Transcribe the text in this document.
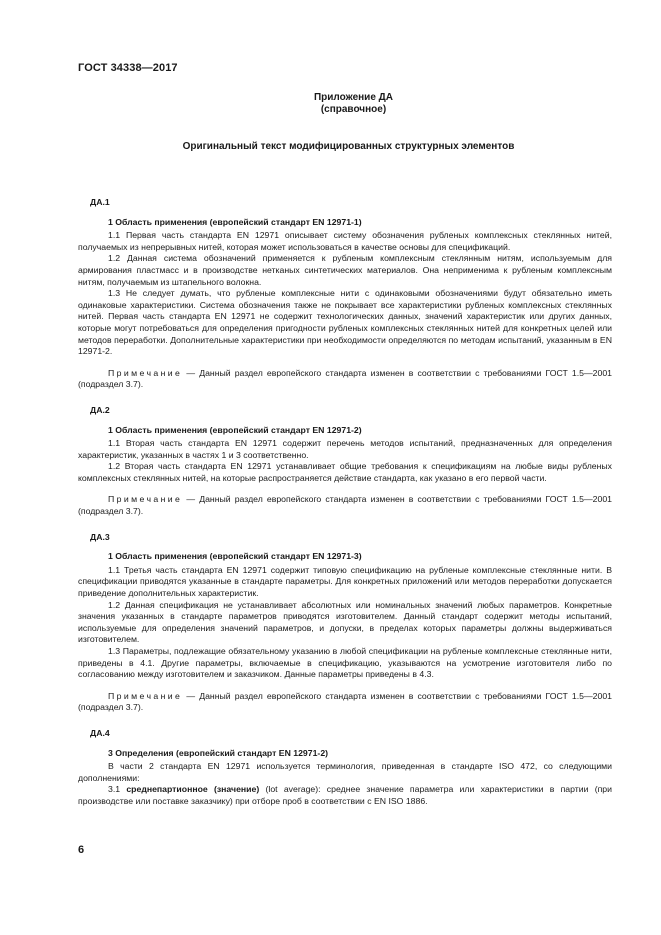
ГОСТ 34338—2017
Приложение ДА
(справочное)
Оригинальный текст модифицированных структурных элементов
ДА.1
1 Область применения (европейский стандарт EN 12971-1)
1.1 Первая часть стандарта EN 12971 описывает систему обозначения рубленых комплексных стеклянных нитей, получаемых из непрерывных нитей, которая может использоваться в качестве основы для спецификаций.
1.2 Данная система обозначений применяется к рубленым комплексным стеклянным нитям, используемым для армирования пластмасс и в производстве нетканых синтетических материалов. Она неприменима к рубленым комплексным нитям, получаемым из штапельного волокна.
1.3 Не следует думать, что рубленые комплексные нити с одинаковыми обозначениями будут обязательно иметь одинаковые характеристики. Система обозначения также не покрывает все характеристики рубленых комплексных стеклянных нитей. Первая часть стандарта EN 12971 не содержит технологических данных, значений характеристик или других данных, которые могут потребоваться для определения пригодности рубленых комплексных стеклянных нитей для конкретных целей или методов переработки. Дополнительные характеристики при необходимости определяются по методам испытаний, указанным в EN 12971-2.
Примечание — Данный раздел европейского стандарта изменен в соответствии с требованиями ГОСТ 1.5—2001 (подраздел 3.7).
ДА.2
1 Область применения (европейский стандарт EN 12971-2)
1.1 Вторая часть стандарта EN 12971 содержит перечень методов испытаний, предназначенных для определения характеристик, указанных в частях 1 и 3 соответственно.
1.2 Вторая часть стандарта EN 12971 устанавливает общие требования к спецификациям на любые виды рубленых комплексных стеклянных нитей, на которые распространяется действие стандарта, как указано в его первой части.
Примечание — Данный раздел европейского стандарта изменен в соответствии с требованиями ГОСТ 1.5—2001 (подраздел 3.7).
ДА.3
1 Область применения (европейский стандарт EN 12971-3)
1.1 Третья часть стандарта EN 12971 содержит типовую спецификацию на рубленые комплексные стеклянные нити. В спецификации приводятся указанные в стандарте параметры. Для конкретных приложений или методов переработки допускается приведение дополнительных характеристик.
1.2 Данная спецификация не устанавливает абсолютных или номинальных значений любых параметров. Конкретные значения указанных в стандарте параметров приводятся изготовителем. Данный стандарт содержит методы испытаний, используемые для определения значений параметров, и допуски, в пределах которых параметры должны выдерживаться изготовителем.
1.3 Параметры, подлежащие обязательному указанию в любой спецификации на рубленые комплексные стеклянные нити, приведены в 4.1. Другие параметры, включаемые в спецификацию, указываются на усмотрение изготовителя либо по согласованию между изготовителем и заказчиком. Данные параметры приведены в 4.3.
Примечание — Данный раздел европейского стандарта изменен в соответствии с требованиями ГОСТ 1.5—2001 (подраздел 3.7).
ДА.4
3 Определения (европейский стандарт EN 12971-2)
В части 2 стандарта EN 12971 используется терминология, приведенная в стандарте ISO 472, со следующими дополнениями:
3.1 среднепартионное (значение) (lot average): среднее значение параметра или характеристики в партии (при производстве или поставке заказчику) при отборе проб в соответствии с EN ISO 1886.
6
